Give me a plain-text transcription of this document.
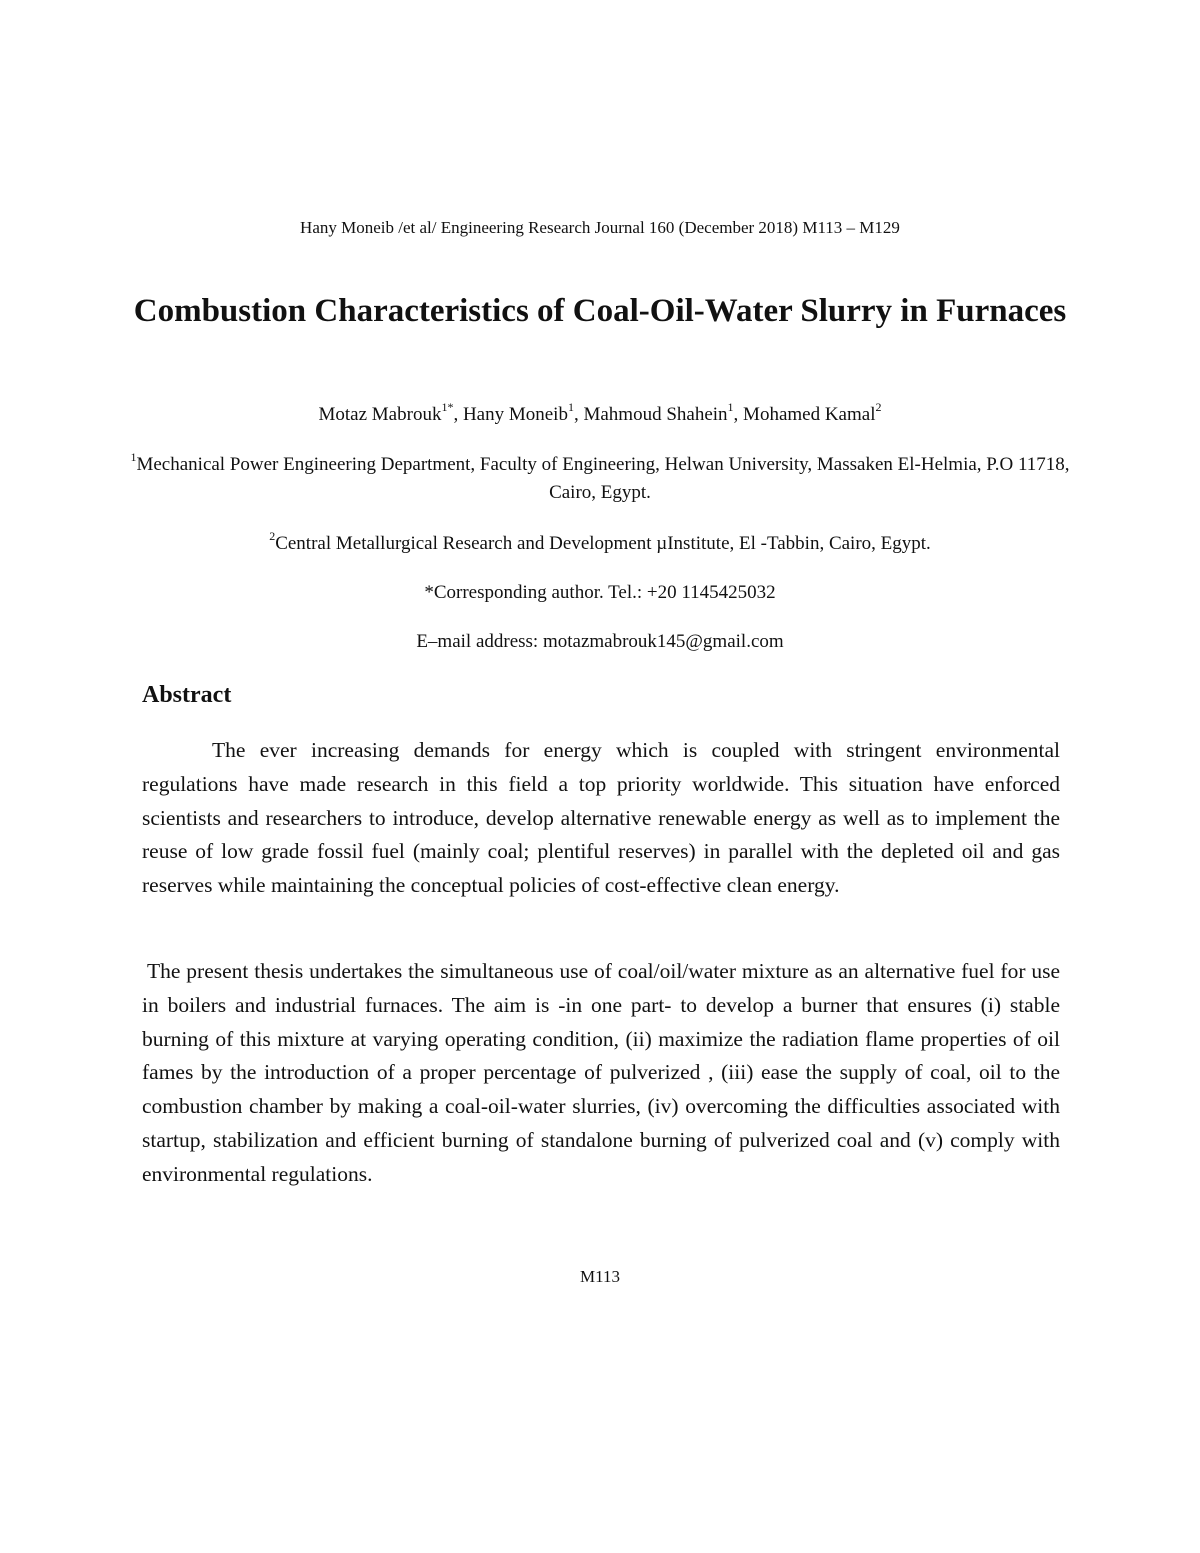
Hany Moneib /et al/ Engineering Research Journal 160 (December 2018) M113 – M129
Combustion Characteristics of Coal-Oil-Water Slurry in Furnaces
Motaz Mabrouk$^{1*}$, Hany Moneib$^1$, Mahmoud Shahein$^1$, Mohamed Kamal$^2$
$^1$Mechanical Power Engineering Department, Faculty of Engineering, Helwan University, Massaken El-Helmia, P.O 11718, Cairo, Egypt.
$^2$Central Metallurgical Research and Development µInstitute, El -Tabbin, Cairo, Egypt.
*Corresponding author. Tel.: +20 1145425032
E–mail address: motazmabrouk145@gmail.com
Abstract

The ever increasing demands for energy which is coupled with stringent environmental regulations have made research in this field a top priority worldwide. This situation have enforced scientists and researchers to introduce, develop alternative renewable energy as well as to implement the reuse of low grade fossil fuel (mainly coal; plentiful reserves) in parallel with the depleted oil and gas reserves while maintaining the conceptual policies of cost-effective clean energy.

The present thesis undertakes the simultaneous use of coal/oil/water mixture as an alternative fuel for use in boilers and industrial furnaces. The aim is -in one part- to develop a burner that ensures (i) stable burning of this mixture at varying operating condition, (ii) maximize the radiation flame properties of oil fames by the introduction of a proper percentage of pulverized , (iii) ease the supply of coal, oil to the combustion chamber by making a coal-oil-water slurries, (iv) overcoming the difficulties associated with startup, stabilization and efficient burning of standalone burning of pulverized coal and (v) comply with environmental regulations.

M113
